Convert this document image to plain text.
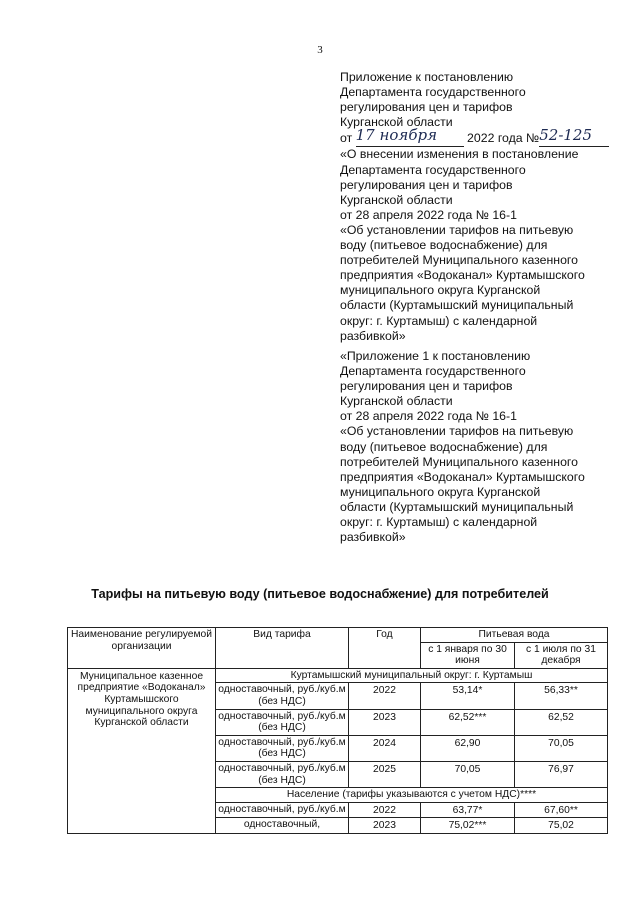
3
Приложение к постановлению
Департамента государственного
регулирования цен и тарифов
Курганской области
от 17 ноября 2022 года №52-125
«О внесении изменения в постановление
Департамента государственного
регулирования цен и тарифов
Курганской области
от 28 апреля 2022 года № 16-1
«Об установлении тарифов на питьевую
воду (питьевое водоснабжение) для
потребителей Муниципального казенного
предприятия «Водоканал» Куртамышского
муниципального округа Курганской
области (Куртамышский муниципальный
округ: г. Куртамыш) с календарной
разбивкой»
«Приложение 1 к постановлению
Департамента государственного
регулирования цен и тарифов
Курганской области
от 28 апреля 2022 года № 16-1
«Об установлении тарифов на питьевую
воду (питьевое водоснабжение) для
потребителей Муниципального казенного
предприятия «Водоканал» Куртамышского
муниципального округа Курганской
области (Куртамышский муниципальный
округ: г. Куртамыш) с календарной
разбивкой»
Тарифы на питьевую воду (питьевое водоснабжение) для потребителей
Наименование регулируемой организации	Вид тарифа	Год	Питьевая вода	
			с 1 января по 30 июня	с 1 июля по 31 декабря
Муниципальное казенное предприятие «Водоканал» Куртамышского муниципального округа Курганской области	Куртамышский муниципальный округ: г. Куртамыш			
	одноставочный, руб./куб.м (без НДС)	2022	53,14*	56,33**
	одноставочный, руб./куб.м (без НДС)	2023	62,52***	62,52
	одноставочный, руб./куб.м (без НДС)	2024	62,90	70,05
	одноставочный, руб./куб.м (без НДС)	2025	70,05	76,97
	Население (тарифы указываются с учетом НДС)****			
	одноставочный, руб./куб.м	2022	63,77*	67,60**
	одноставочный,	2023	75,02***	75,02
